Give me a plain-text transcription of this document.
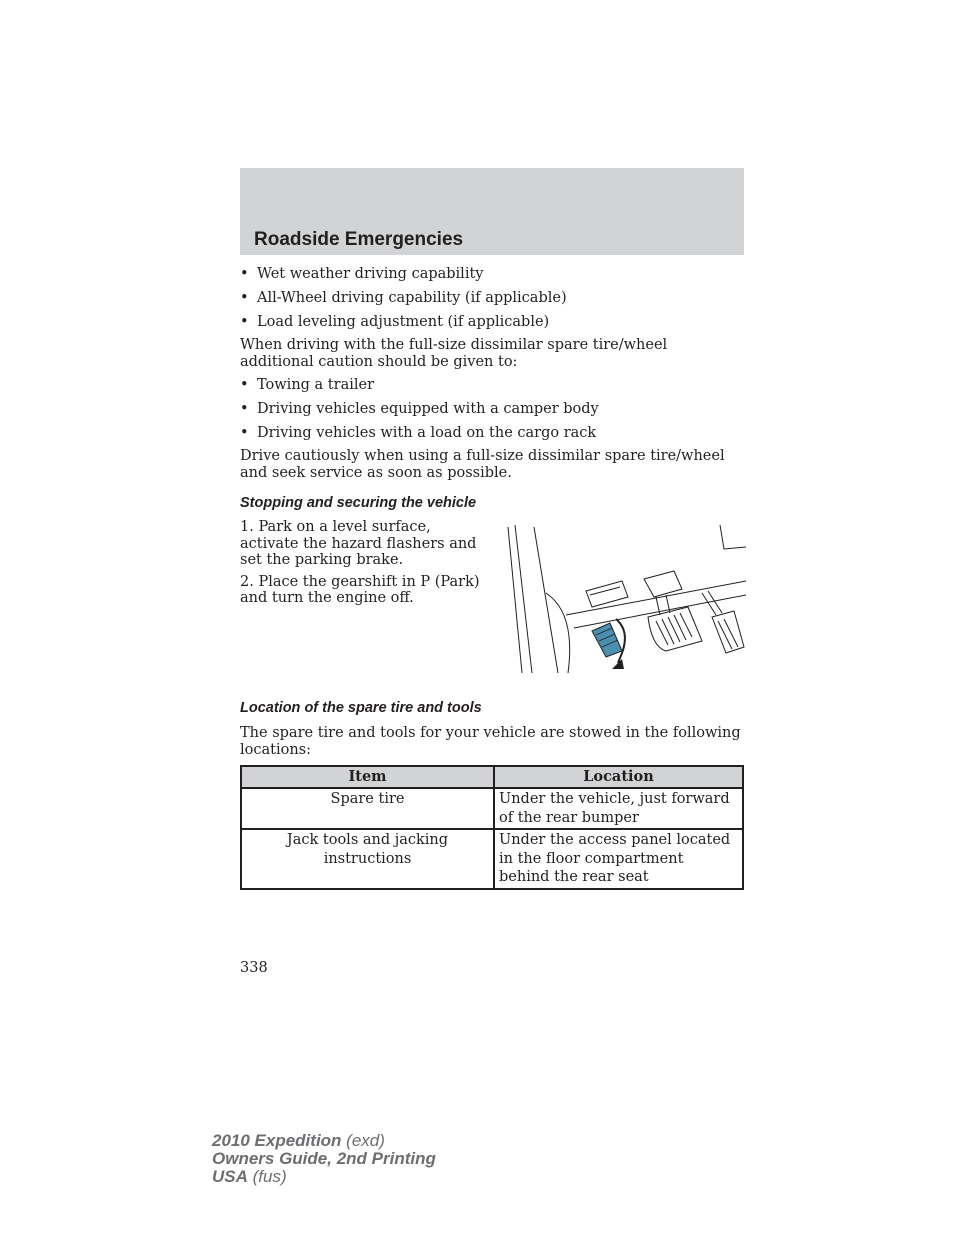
Roadside Emergencies
• Wet weather driving capability
• All-Wheel driving capability (if applicable)
• Load leveling adjustment (if applicable)

When driving with the full-size dissimilar spare tire/wheel additional caution should be given to:

• Towing a trailer
• Driving vehicles equipped with a camper body
• Driving vehicles with a load on the cargo rack

Drive cautiously when using a full-size dissimilar spare tire/wheel and seek service as soon as possible.

Stopping and securing the vehicle

1. Park on a level surface, activate the hazard flashers and set the parking brake.

2. Place the gearshift in P (Park) and turn the engine off.

Location of the spare tire and tools

The spare tire and tools for your vehicle are stowed in the following locations:

Item	Location
Spare tire	Under the vehicle, just forward of the rear bumper
Jack tools and jacking instructions	Under the access panel located in the floor compartment behind the rear seat
338
2010 Expedition (exd)
Owners Guide, 2nd Printing
USA (fus)
